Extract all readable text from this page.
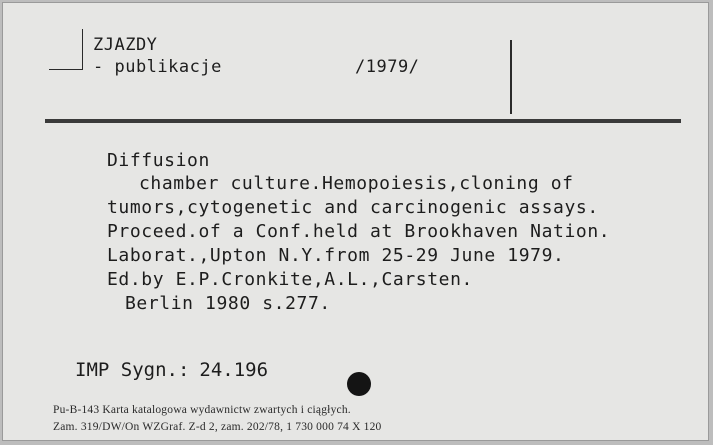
ZJAZDY
- publikacje	/1979/
Diffusion
chamber culture.Hemopoiesis,cloning of
tumors,cytogenetic and carcinogenic assays.
Proceed.of a Conf.held at Brookhaven Nation.
Laborat.,Upton N.Y.from 25-29 June 1979.
Ed.by E.P.Cronkite,A.L.,Carsten.
Berlin 1980 s.277.
IMP Sygn.: 24.196
Pu-B-143 Karta katalogowa wydawnictw zwartych i ciągłych.
Zam. 319/DW/On WZGraf. Z-d 2, zam. 202/78, 1 730 000 74 X 120
